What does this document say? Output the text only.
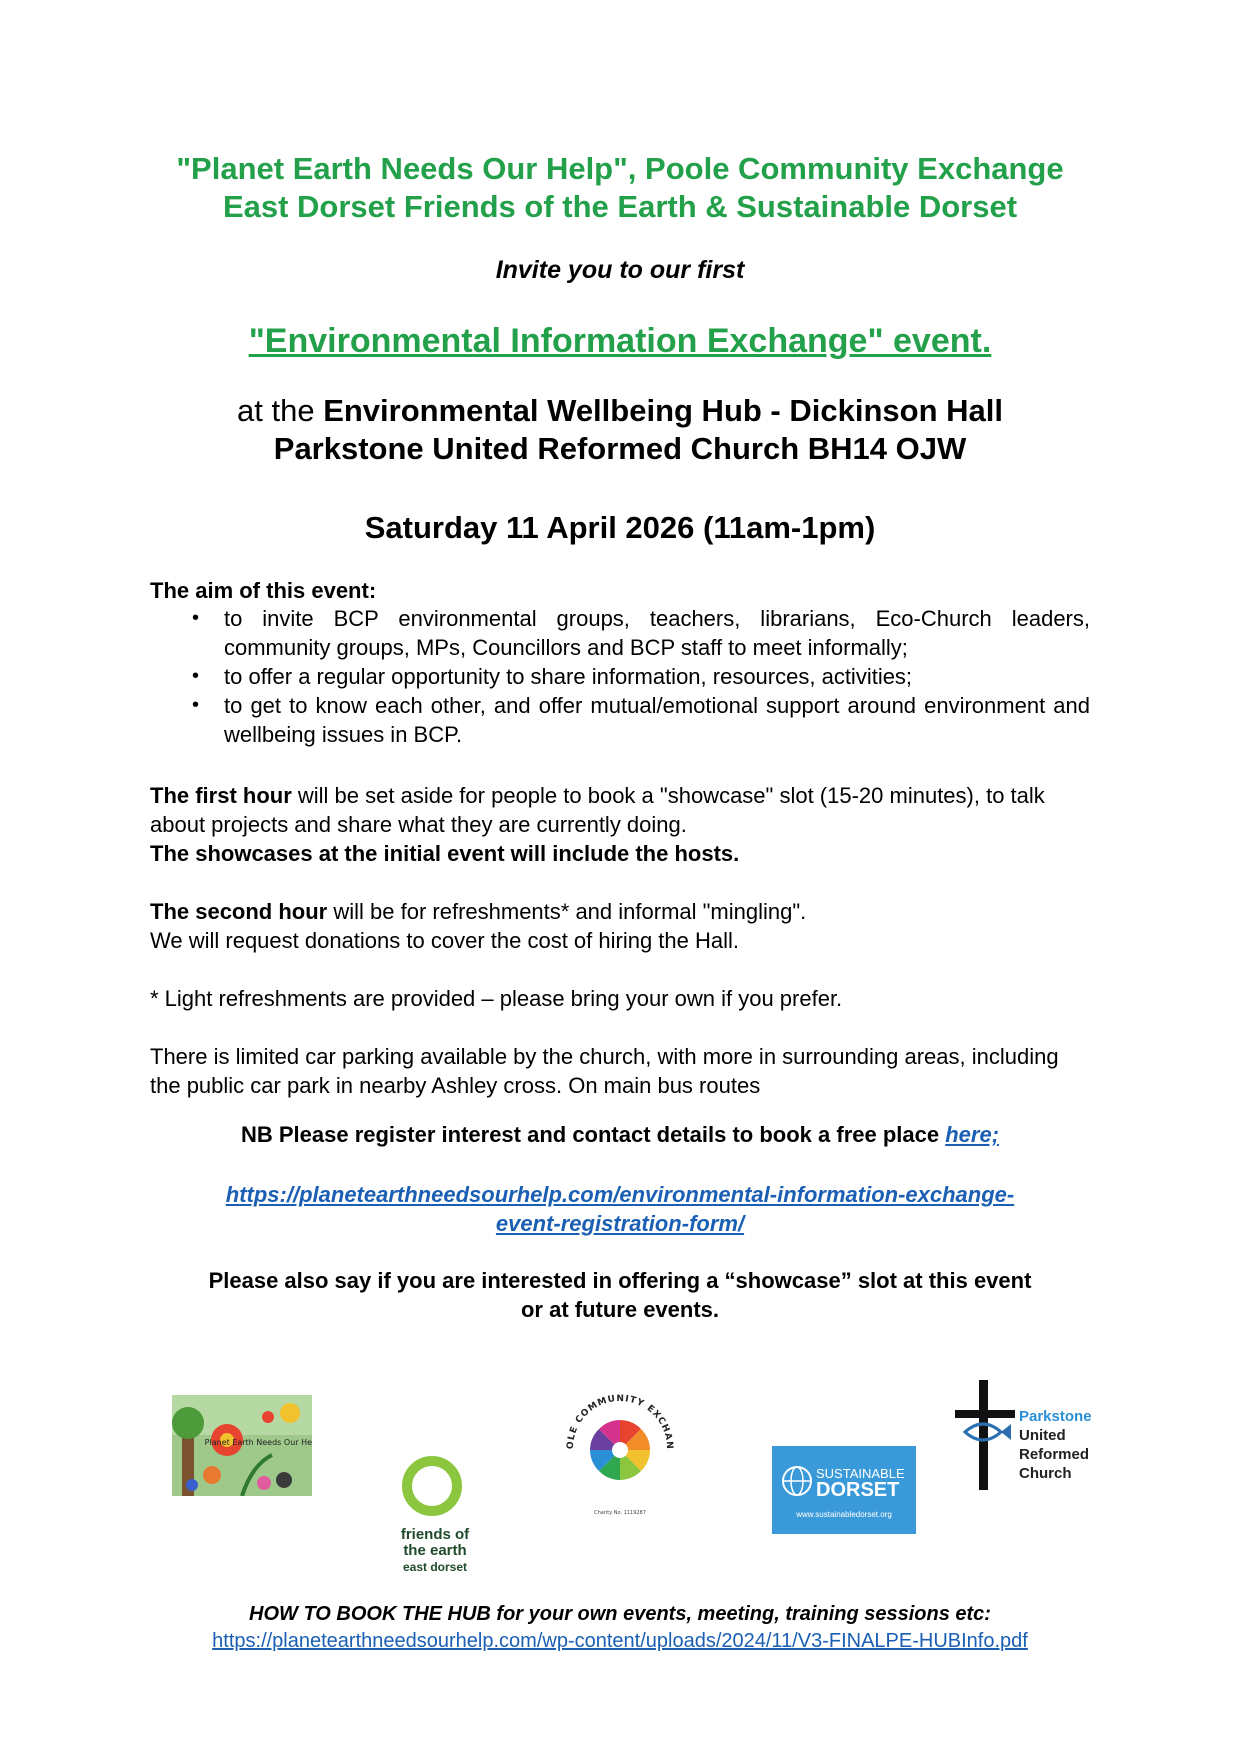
"Planet Earth Needs Our Help", Poole Community Exchange
East Dorset Friends of the Earth & Sustainable Dorset
Invite you to our first
"Environmental Information Exchange" event.
at the Environmental Wellbeing Hub - Dickinson Hall
Parkstone United Reformed Church BH14 OJW
Saturday 11 April 2026 (11am-1pm)
The aim of this event:
• to invite BCP environmental groups, teachers, librarians, Eco-Church leaders, community groups, MPs, Councillors and BCP staff to meet informally;
• to offer a regular opportunity to share information, resources, activities;
• to get to know each other, and offer mutual/emotional support around environment and wellbeing issues in BCP.
The first hour will be set aside for people to book a "showcase" slot (15-20 minutes), to talk about projects and share what they are currently doing.
The showcases at the initial event will include the hosts.
The second hour will be for refreshments* and informal "mingling".
We will request donations to cover the cost of hiring the Hall.
* Light refreshments are provided – please bring your own if you prefer.
There is limited car parking available by the church, with more in surrounding areas, including the public car park in nearby Ashley cross. On main bus routes
NB Please register interest and contact details to book a free place here;
https://planetearthneedsourhelp.com/environmental-information-exchange-
event-registration-form/
Please also say if you are interested in offering a “showcase” slot at this event
or at future events.
Planet Earth Needs Our Help
friends of
the earth
east dorset
OLE COMMUNITY EXCHAN
Charity No. 1119287
SUSTAINABLE
DORSET
www.sustainabledorset.org
Parkstone
United
Reformed
Church
HOW TO BOOK THE HUB for your own events, meeting, training sessions etc:
https://planetearthneedsourhelp.com/wp-content/uploads/2024/11/V3-FINALPE-HUBInfo.pdf
